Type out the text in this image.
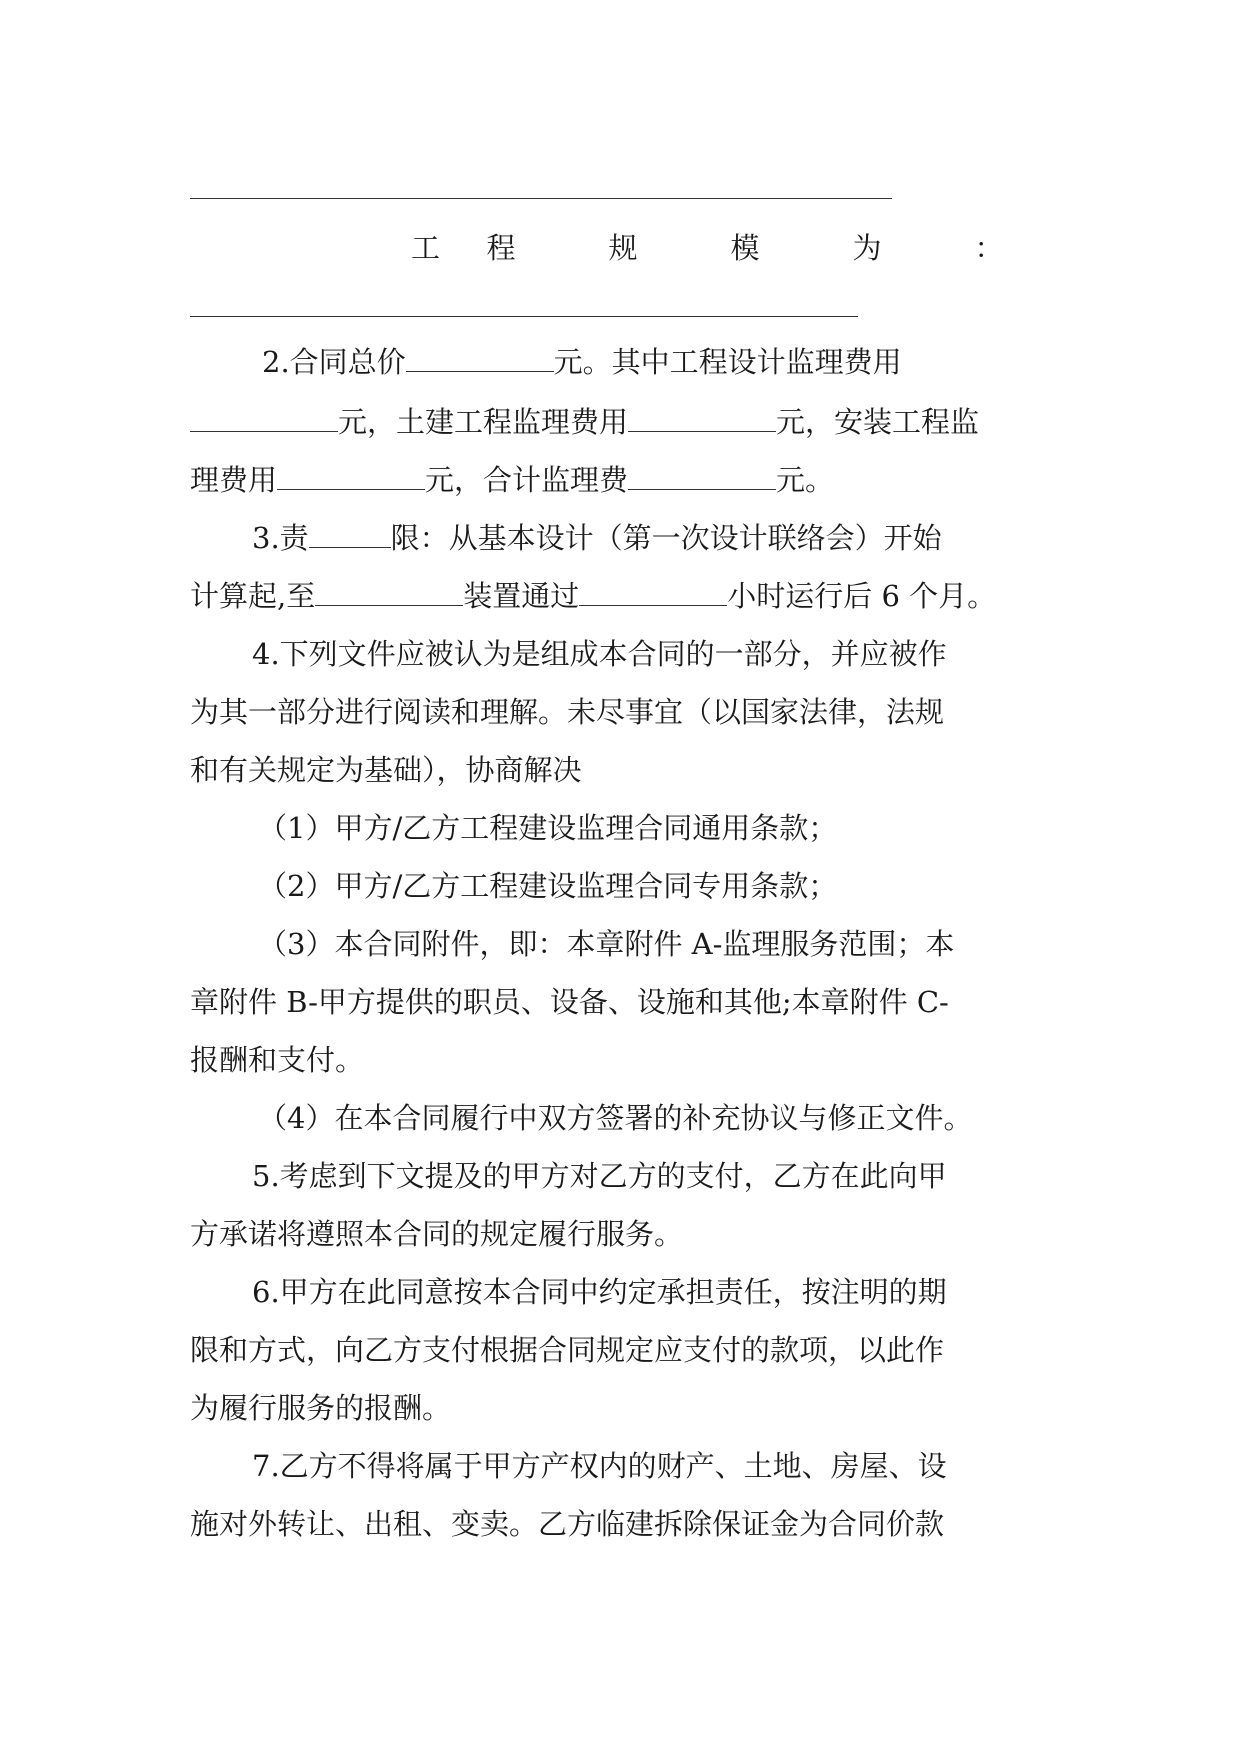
工	程	规	模	为	：
2.合同总价	元。其中工程设计监理费用
元，土建工程监理费用	元，安装工程监
理费用	元，合计监理费	元。
3.责	限：从基本设计（第一次设计联络会）开始
计算起,至	装置通过	小时运行后 6 个月。
4.下列文件应被认为是组成本合同的一部分，并应被作
为其一部分进行阅读和理解。未尽事宜（以国家法律，法规
和有关规定为基础），协商解决
（1）甲方/乙方工程建设监理合同通用条款；
（2）甲方/乙方工程建设监理合同专用条款；
（3）本合同附件，即：本章附件 A-监理服务范围；本
章附件 B-甲方提供的职员、设备、设施和其他;本章附件 C-
报酬和支付。
（4）在本合同履行中双方签署的补充协议与修正文件。
5.考虑到下文提及的甲方对乙方的支付，乙方在此向甲
方承诺将遵照本合同的规定履行服务。
6.甲方在此同意按本合同中约定承担责任，按注明的期
限和方式，向乙方支付根据合同规定应支付的款项，以此作
为履行服务的报酬。
7.乙方不得将属于甲方产权内的财产、土地、房屋、设
施对外转让、出租、变卖。乙方临建拆除保证金为合同价款
